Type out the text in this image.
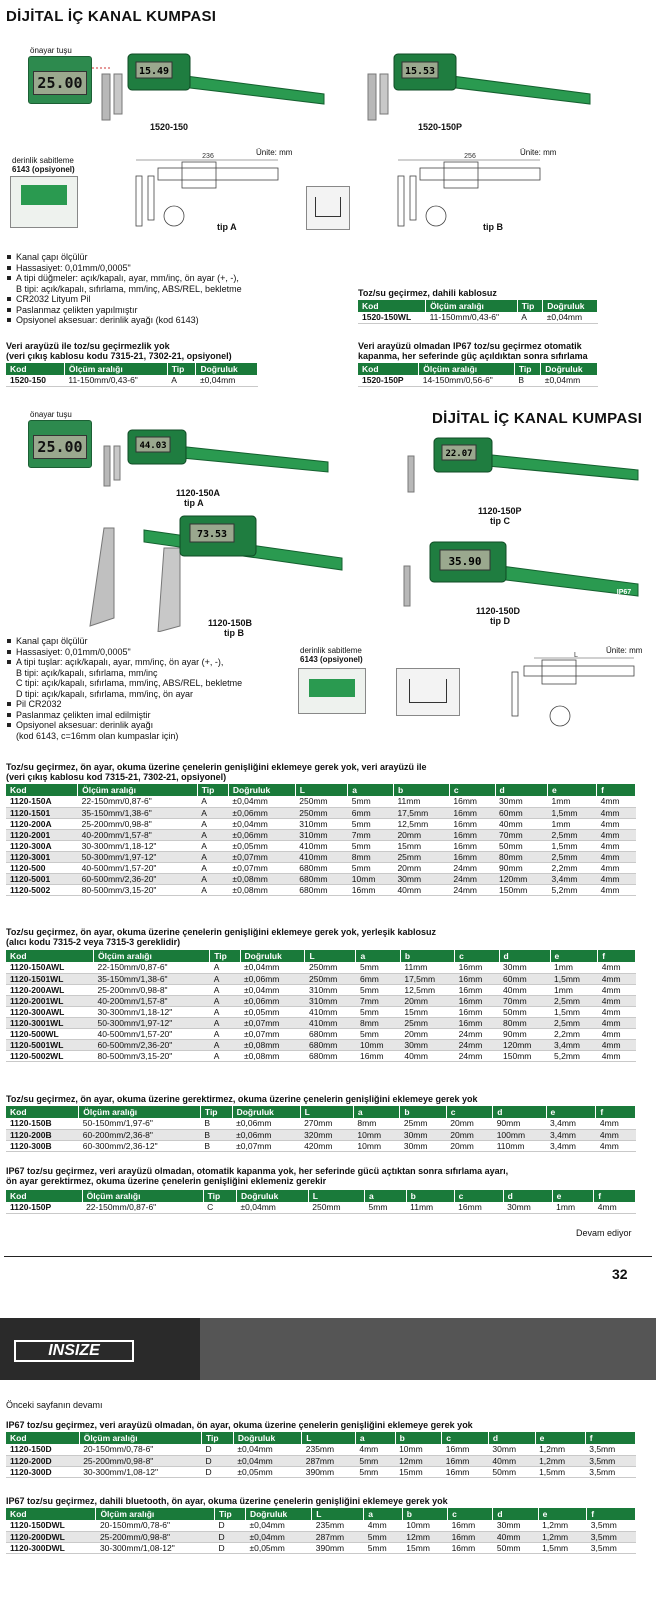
DİJİTAL İÇ KANAL KUMPASI
önayar tuşu
25.00
15.49
1520-150
15.53
1520-150P
derinlik sabitleme
6143 (opsiyonel)
236	Ünite: mm
tip A
256	Ünite: mm
tip B
Kanal çapı ölçülür
Hassasiyet: 0,01mm/0,0005"
A tipi düğmeler: açık/kapalı, ayar, mm/inç, ön ayar (+, -),
B tipi: açık/kapalı, sıfırlama, mm/inç, ABS/REL, bekletme
CR2032 Lityum Pil
Paslanmaz çelikten yapılmıştır
Opsiyonel aksesuar: derinlik ayağı (kod 6143)
Toz/su geçirmez, dahili kablosuz
Kod	Ölçüm aralığı	Tip	Doğruluk
1520-150WL	11-150mm/0,43-6"	A	±0,04mm
Veri arayüzü ile toz/su geçirmezlik yok
(veri çıkış kablosu kodu 7315-21, 7302-21, opsiyonel)
Kod	Ölçüm aralığı	Tip	Doğruluk
1520-150	11-150mm/0,43-6"	A	±0,04mm
Veri arayüzü olmadan IP67 toz/su geçirmez otomatik
kapanma, her seferinde güç açıldıktan sonra sıfırlama
Kod	Ölçüm aralığı	Tip	Doğruluk
1520-150P	14-150mm/0,56-6"	B	±0,04mm
DİJİTAL İÇ KANAL KUMPASI
önayar tuşu
25.00	44.03
1120-150A
tip A
73.53
1120-150B
tip B
22.07
1120-150P
tip C
35.90
IP67
1120-150D
tip D
Kanal çapı ölçülür
Hassasiyet: 0,01mm/0,0005"
A tipi tuşlar: açık/kapalı, ayar, mm/inç, ön ayar (+, -),
B tipi: açık/kapalı, sıfırlama, mm/inç
C tipi: açık/kapalı, sıfırlama, mm/inç, ABS/REL, bekletme
D tipi: açık/kapalı, sıfırlama, mm/inç, ön ayar
Pil CR2032
Paslanmaz çelikten imal edilmiştir
Opsiyonel aksesuar: derinlik ayağı
(kod 6143, c=16mm olan kumpaslar için)
derinlik sabitleme
6143 (opsiyonel)
Ünite: mm
L
Toz/su geçirmez, ön ayar, okuma üzerine çenelerin genişliğini eklemeye gerek yok, veri arayüzü ile
(veri çıkış kablosu kod 7315-21, 7302-21, opsiyonel)
Kod	Ölçüm aralığı	Tip	Doğruluk	L	a	b	c	d	e	f
1120-150A	22-150mm/0,87-6"	A	±0,04mm	250mm	5mm	11mm	16mm	30mm	1mm	4mm
1120-1501	35-150mm/1,38-6"	A	±0,06mm	250mm	6mm	17,5mm	16mm	60mm	1,5mm	4mm
1120-200A	25-200mm/0,98-8"	A	±0,04mm	310mm	5mm	12,5mm	16mm	40mm	1mm	4mm
1120-2001	40-200mm/1,57-8"	A	±0,06mm	310mm	7mm	20mm	16mm	70mm	2,5mm	4mm
1120-300A	30-300mm/1,18-12"	A	±0,05mm	410mm	5mm	15mm	16mm	50mm	1,5mm	4mm
1120-3001	50-300mm/1,97-12"	A	±0,07mm	410mm	8mm	25mm	16mm	80mm	2,5mm	4mm
1120-500	40-500mm/1,57-20"	A	±0,07mm	680mm	5mm	20mm	24mm	90mm	2,2mm	4mm
1120-5001	60-500mm/2,36-20"	A	±0,08mm	680mm	10mm	30mm	24mm	120mm	3,4mm	4mm
1120-5002	80-500mm/3,15-20"	A	±0,08mm	680mm	16mm	40mm	24mm	150mm	5,2mm	4mm
Toz/su geçirmez, ön ayar, okuma üzerine çenelerin genişliğini eklemeye gerek yok, yerleşik kablosuz
(alıcı kodu 7315-2 veya 7315-3 gereklidir)
Kod	Ölçüm aralığı	Tip	Doğruluk	L	a	b	c	d	e	f
1120-150AWL	22-150mm/0,87-6"	A	±0,04mm	250mm	5mm	11mm	16mm	30mm	1mm	4mm
1120-1501WL	35-150mm/1,38-6"	A	±0,06mm	250mm	6mm	17,5mm	16mm	60mm	1,5mm	4mm
1120-200AWL	25-200mm/0,98-8"	A	±0,04mm	310mm	5mm	12,5mm	16mm	40mm	1mm	4mm
1120-2001WL	40-200mm/1,57-8"	A	±0,06mm	310mm	7mm	20mm	16mm	70mm	2,5mm	4mm
1120-300AWL	30-300mm/1,18-12"	A	±0,05mm	410mm	5mm	15mm	16mm	50mm	1,5mm	4mm
1120-3001WL	50-300mm/1,97-12"	A	±0,07mm	410mm	8mm	25mm	16mm	80mm	2,5mm	4mm
1120-500WL	40-500mm/1,57-20"	A	±0,07mm	680mm	5mm	20mm	24mm	90mm	2,2mm	4mm
1120-5001WL	60-500mm/2,36-20"	A	±0,08mm	680mm	10mm	30mm	24mm	120mm	3,4mm	4mm
1120-5002WL	80-500mm/3,15-20"	A	±0,08mm	680mm	16mm	40mm	24mm	150mm	5,2mm	4mm
Toz/su geçirmez, ön ayar, okuma üzerine gerektirmez, okuma üzerine çenelerin genişliğini eklemeye gerek yok
Kod	Ölçüm aralığı	Tip	Doğruluk	L	a	b	c	d	e	f
1120-150B	50-150mm/1,97-6"	B	±0,06mm	270mm	8mm	25mm	20mm	90mm	3,4mm	4mm
1120-200B	60-200mm/2,36-8"	B	±0,06mm	320mm	10mm	30mm	20mm	100mm	3,4mm	4mm
1120-300B	60-300mm/2,36-12"	B	±0,07mm	420mm	10mm	30mm	20mm	110mm	3,4mm	4mm
IP67 toz/su geçirmez, veri arayüzü olmadan, otomatik kapanma yok, her seferinde gücü açtıktan sonra sıfırlama ayarı,
ön ayar gerektirmez, okuma üzerine çenelerin genişliğini eklemeniz gerekir
Kod	Ölçüm aralığı	Tip	Doğruluk	L	a	b	c	d	e	f
1120-150P	22-150mm/0,87-6"	C	±0,04mm	250mm	5mm	11mm	16mm	30mm	1mm	4mm
Devam ediyor
32
INSIZE
Önceki sayfanın devamı
IP67 toz/su geçirmez, veri arayüzü olmadan, ön ayar, okuma üzerine çenelerin genişliğini eklemeye gerek yok
Kod	Ölçüm aralığı	Tip	Doğruluk	L	a	b	c	d	e	f
1120-150D	20-150mm/0,78-6"	D	±0,04mm	235mm	4mm	10mm	16mm	30mm	1,2mm	3,5mm
1120-200D	25-200mm/0,98-8"	D	±0,04mm	287mm	5mm	12mm	16mm	40mm	1,2mm	3,5mm
1120-300D	30-300mm/1,08-12"	D	±0,05mm	390mm	5mm	15mm	16mm	50mm	1,5mm	3,5mm
IP67 toz/su geçirmez, dahili bluetooth, ön ayar, okuma üzerine çenelerin genişliğini eklemeye gerek yok
Kod	Ölçüm aralığı	Tip	Doğruluk	L	a	b	c	d	e	f
1120-150DWL	20-150mm/0,78-6"	D	±0,04mm	235mm	4mm	10mm	16mm	30mm	1,2mm	3,5mm
1120-200DWL	25-200mm/0,98-8"	D	±0,04mm	287mm	5mm	12mm	16mm	40mm	1,2mm	3,5mm
1120-300DWL	30-300mm/1,08-12"	D	±0,05mm	390mm	5mm	15mm	16mm	50mm	1,5mm	3,5mm
